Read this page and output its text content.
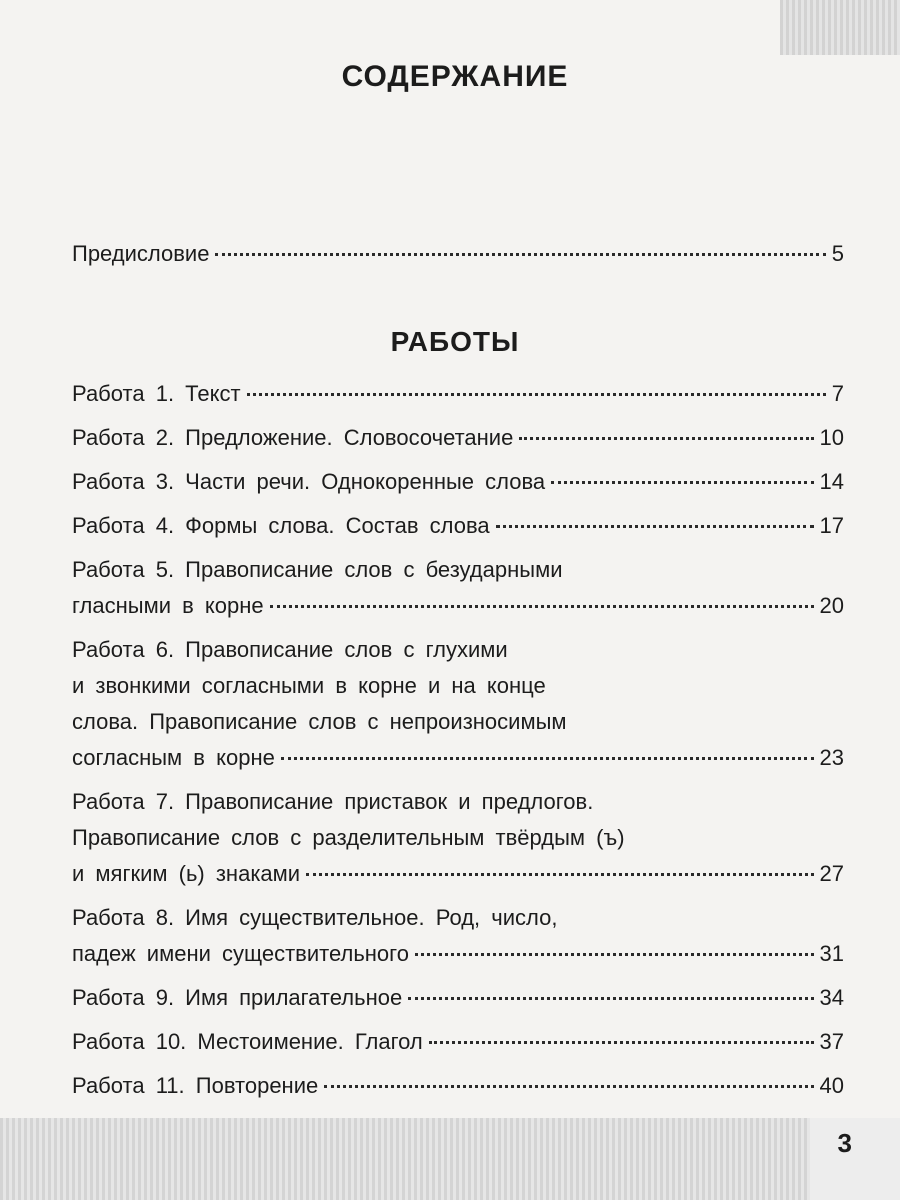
СОДЕРЖАНИЕ
Предисловие	5
РАБОТЫ
Работа 1. Текст	7
Работа 2. Предложение. Словосочетание	10
Работа 3. Части речи. Однокоренные слова	14
Работа 4. Формы слова. Состав слова	17
Работа 5. Правописание слов с безударными
гласными в корне	20
Работа 6. Правописание слов с глухими
и звонкими согласными в корне и на конце
слова. Правописание слов с непроизносимым
согласным в корне	23
Работа 7. Правописание приставок и предлогов.
Правописание слов с разделительным твёрдым (ъ)
и мягким (ь) знаками	27
Работа 8. Имя существительное. Род, число,
падеж имени существительного	31
Работа 9. Имя прилагательное	34
Работа 10. Местоимение. Глагол	37
Работа 11. Повторение	40
3
